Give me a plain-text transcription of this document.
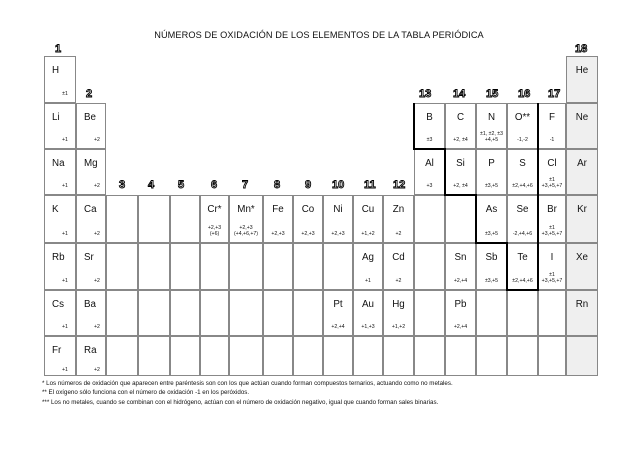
NÚMEROS DE OXIDACIÓN DE LOS ELEMENTOS DE LA TABLA PERIÓDICA
1	18
2	13 14 15 16 17
3 4 5 6 7 8 9 10 11 12
H
±1
He
Li
+1
Be
+2
B
±3
C
+2, ±4
N
±1, ±2, ±3
+4,+5
O**
-1,-2
F
-1
Ne
Na
+1
Mg
+2
Al
+3
Si
+2, ±4
P
±3,+5
S
±2,+4,+6
Cl
±1
+3,+5,+7
Ar
K
+1
Ca
+2
Cr*
+2,+3
(+6)
Mn*
+2,+3
(+4,+6,+7)
Fe
+2,+3
Co
+2,+3
Ni
+2,+3
Cu
+1,+2
Zn
+2
As
±3,+5
Se
-2,+4,+6
Br
±1
+3,+5,+7
Kr
Rb
+1
Sr
+2
Ag
+1
Cd
+2
Sn
+2,+4
Sb
±3,+5
Te
±2,+4,+6
I
±1
+3,+5,+7
Xe
Cs
+1
Ba
+2
Pt
+2,+4
Au
+1,+3
Hg
+1,+2
Pb
+2,+4
Rn
Fr
+1
Ra
+2
* Los números de oxidación que aparecen entre paréntesis son con los que actúan cuando forman compuestos ternarios, actuando como no metales.
** El oxígeno sólo funciona con el número de oxidación -1 en los peróxidos.
*** Los no metales, cuando se combinan con el hidrógeno, actúan con el número de oxidación negativo, igual que cuando forman sales binarias.
